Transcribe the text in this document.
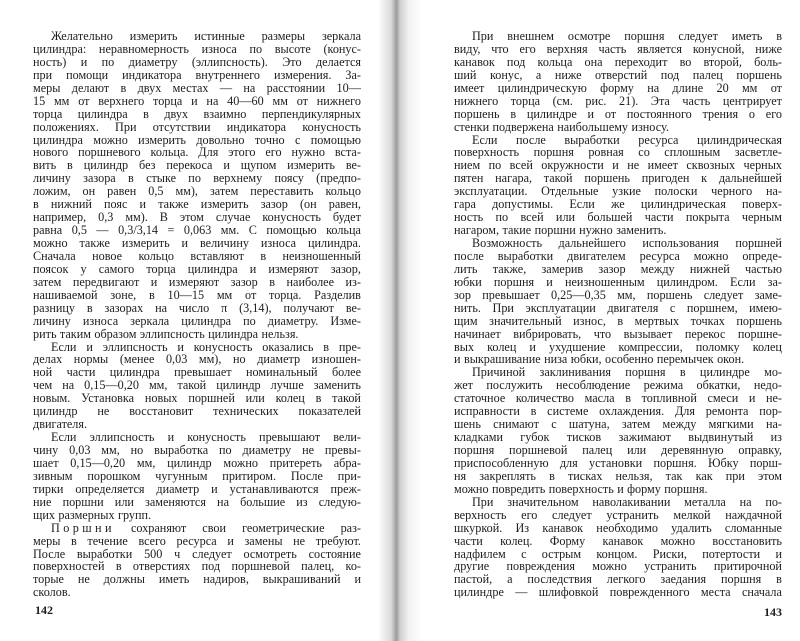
Желательно измерить истинные размеры зеркала
цилиндра: неравномерность износа по высоте (конус-
ность) и по диаметру (эллипсность). Это делается
при помощи индикатора внутреннего измерения. За-
меры делают в двух местах — на расстоянии 10—
15 мм от верхнего торца и на 40—60 мм от нижнего
торца цилиндра в двух взаимно перпендикулярных
положениях. При отсутствии индикатора конусность
цилиндра можно измерить довольно точно с помощью
нового поршневого кольца. Для этого его нужно вста-
вить в цилиндр без перекоса и щупом измерить ве-
личину зазора в стыке по верхнему поясу (предпо-
ложим, он равен 0,5 мм), затем переставить кольцо
в нижний пояс и также измерить зазор (он равен,
например, 0,3 мм). В этом случае конусность будет
равна 0,5 — 0,3/3,14 = 0,063 мм. С помощью кольца
можно также измерить и величину износа цилиндра.
Сначала новое кольцо вставляют в неизношенный
поясок у самого торца цилиндра и измеряют зазор,
затем передвигают и измеряют зазор в наиболее из-
нашиваемой зоне, в 10—15 мм от торца. Разделив
разницу в зазорах на число π (3,14), получают ве-
личину износа зеркала цилиндра по диаметру. Изме-
рить таким образом эллипсность цилиндра нельзя.
Если и эллипсность и конусность оказались в пре-
делах нормы (менее 0,03 мм), но диаметр изношен-
ной части цилиндра превышает номинальный более
чем на 0,15—0,20 мм, такой цилиндр лучше заменить
новым. Установка новых поршней или колец в такой
цилиндр не восстановит технических показателей
двигателя.
Если эллипсность и конусность превышают вели-
чину 0,03 мм, но выработка по диаметру не превы-
шает 0,15—0,20 мм, цилиндр можно притереть абра-
зивным порошком чугунным притиром. После при-
тирки определяется диаметр и устанавливаются преж-
ние поршни или заменяются на большие из следую-
щих размерных групп.
Поршни сохраняют свои геометрические раз-
меры в течение всего ресурса и замены не требуют.
После выработки 500 ч следует осмотреть состояние
поверхностей в отверстиях под поршневой палец, ко-
торые не должны иметь надиров, выкрашиваний и
сколов.
При внешнем осмотре поршня следует иметь в
виду, что его верхняя часть является конусной, ниже
канавок под кольца она переходит во второй, боль-
ший конус, а ниже отверстий под палец поршень
имеет цилиндрическую форму на длине 20 мм от
нижнего торца (см. рис. 21). Эта часть центрирует
поршень в цилиндре и от постоянного трения о его
стенки подвержена наибольшему износу.
Если после выработки ресурса цилиндрическая
поверхность поршня ровная со сплошным засветле-
нием по всей окружности и не имеет сквозных черных
пятен нагара, такой поршень пригоден к дальнейшей
эксплуатации. Отдельные узкие полоски черного на-
гара допустимы. Если же цилиндрическая поверх-
ность по всей или большей части покрыта черным
нагаром, такие поршни нужно заменить.
Возможность дальнейшего использования поршней
после выработки двигателем ресурса можно опреде-
лить также, замерив зазор между нижней частью
юбки поршня и неизношенным цилиндром. Если за-
зор превышает 0,25—0,35 мм, поршень следует заме-
нить. При эксплуатации двигателя с поршнем, имею-
щим значительный износ, в мертвых точках поршень
начинает вибрировать, что вызывает перекос поршне-
вых колец и ухудшение компрессии, поломку колец
и выкрашивание низа юбки, особенно перемычек окон.
Причиной заклинивания поршня в цилиндре мо-
жет послужить несоблюдение режима обкатки, недо-
статочное количество масла в топливной смеси и не-
исправности в системе охлаждения. Для ремонта пор-
шень снимают с шатуна, затем между мягкими на-
кладками губок тисков зажимают выдвинутый из
поршня поршневой палец или деревянную оправку,
приспособленную для установки поршня. Юбку порш-
ня закреплять в тисках нельзя, так как при этом
можно повредить поверхность и форму поршня.
При значительном наволакивании металла на по-
верхность его следует устранить мелкой наждачной
шкуркой. Из канавок необходимо удалить сломанные
части колец. Форму канавок можно восстановить
надфилем с острым концом. Риски, потертости и
другие повреждения можно устранить притирочной
пастой, а последствия легкого заедания поршня в
цилиндре — шлифовкой поврежденного места сначала
142	143
